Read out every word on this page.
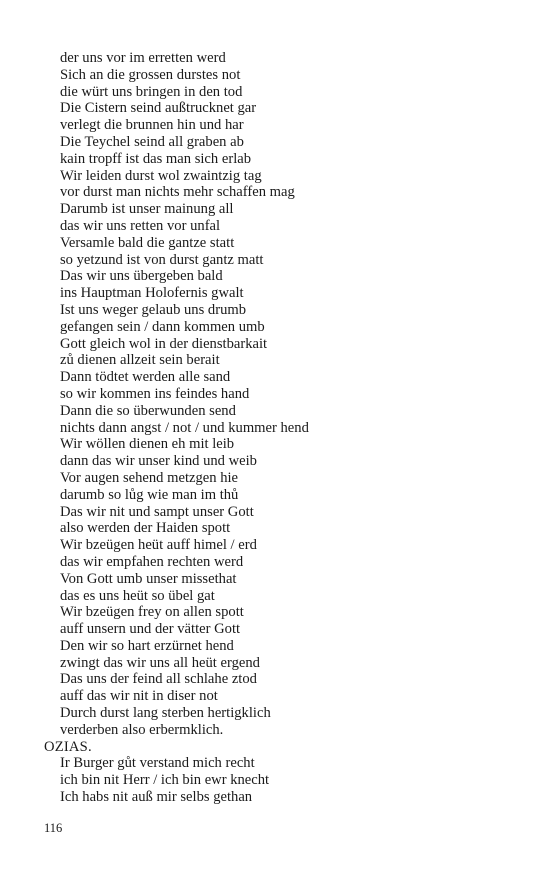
der uns vor im erretten werd
Sich an die grossen durstes not
die würt uns bringen in den tod
Die Cistern seind außtrucknet gar
verlegt die brunnen hin und har
Die Teychel seind all graben ab
kain tropff ist das man sich erlab
Wir leiden durst wol zwaintzig tag
vor durst man nichts mehr schaffen mag
Darumb ist unser mainung all
das wir uns retten vor unfal
Versamle bald die gantze statt
so yetzund ist von durst gantz matt
Das wir uns übergeben bald
ins Hauptman Holofernis gwalt
Ist uns weger gelaub uns drumb
gefangen sein / dann kommen umb
Gott gleich wol in der dienstbarkait
zů dienen allzeit sein berait
Dann tödtet werden alle sand
so wir kommen ins feindes hand
Dann die so überwunden send
nichts dann angst / not / und kummer hend
Wir wöllen dienen eh mit leib
dann das wir unser kind und weib
Vor augen sehend metzgen hie
darumb so lůg wie man im thů
Das wir nit und sampt unser Gott
also werden der Haiden spott
Wir bzeügen heüt auff himel / erd
das wir empfahen rechten werd
Von Gott umb unser missethat
das es uns heüt so übel gat
Wir bzeügen frey on allen spott
auff unsern und der vätter Gott
Den wir so hart erzürnet hend
zwingt das wir uns all heüt ergend
Das uns der feind all schlahe ztod
auff das wir nit in diser not
Durch durst lang sterben hertigklich
verderben also erbermklich.
OZIAS.
Ir Burger gůt verstand mich recht
ich bin nit Herr / ich bin ewr knecht
Ich habs nit auß mir selbs gethan
116
